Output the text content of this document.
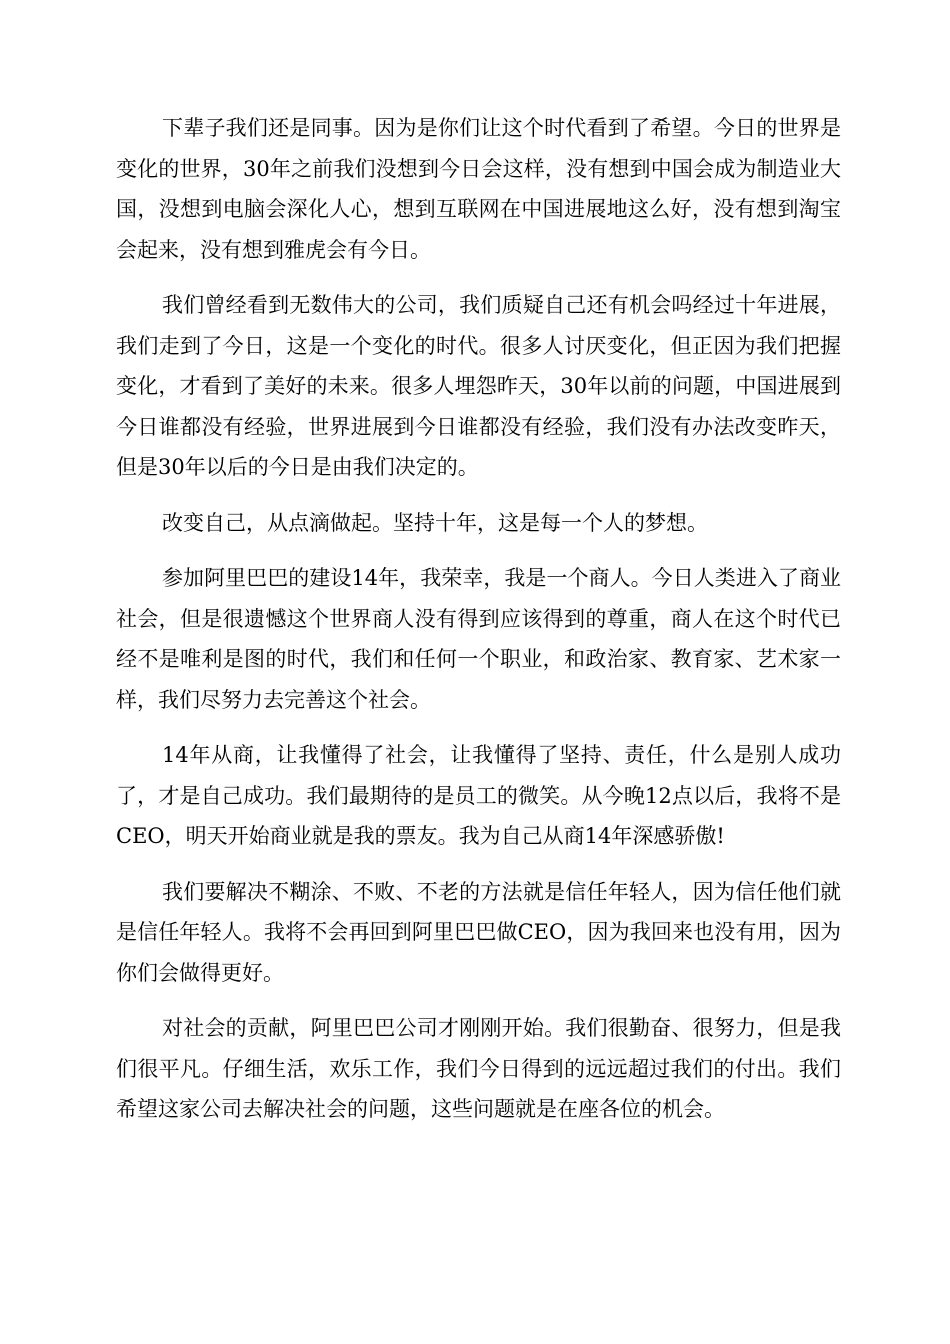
下辈子我们还是同事。因为是你们让这个时代看到了希望。今日的世界是变化的世界，30年之前我们没想到今日会这样，没有想到中国会成为制造业大国，没想到电脑会深化人心，想到互联网在中国进展地这么好，没有想到淘宝会起来，没有想到雅虎会有今日。

我们曾经看到无数伟大的公司，我们质疑自己还有机会吗经过十年进展，我们走到了今日，这是一个变化的时代。很多人讨厌变化，但正因为我们把握变化，才看到了美好的未来。很多人埋怨昨天，30年以前的问题，中国进展到今日谁都没有经验，世界进展到今日谁都没有经验，我们没有办法改变昨天，但是30年以后的今日是由我们决定的。

改变自己，从点滴做起。坚持十年，这是每一个人的梦想。

参加阿里巴巴的建设14年，我荣幸，我是一个商人。今日人类进入了商业社会，但是很遗憾这个世界商人没有得到应该得到的尊重，商人在这个时代已经不是唯利是图的时代，我们和任何一个职业，和政治家、教育家、艺术家一样，我们尽努力去完善这个社会。

14年从商，让我懂得了社会，让我懂得了坚持、责任，什么是别人成功了，才是自己成功。我们最期待的是员工的微笑。从今晚12点以后，我将不是CEO，明天开始商业就是我的票友。我为自己从商14年深感骄傲!

我们要解决不糊涂、不败、不老的方法就是信任年轻人，因为信任他们就是信任年轻人。我将不会再回到阿里巴巴做CEO，因为我回来也没有用，因为你们会做得更好。

对社会的贡献，阿里巴巴公司才刚刚开始。我们很勤奋、很努力，但是我们很平凡。仔细生活，欢乐工作，我们今日得到的远远超过我们的付出。我们希望这家公司去解决社会的问题，这些问题就是在座各位的机会。
